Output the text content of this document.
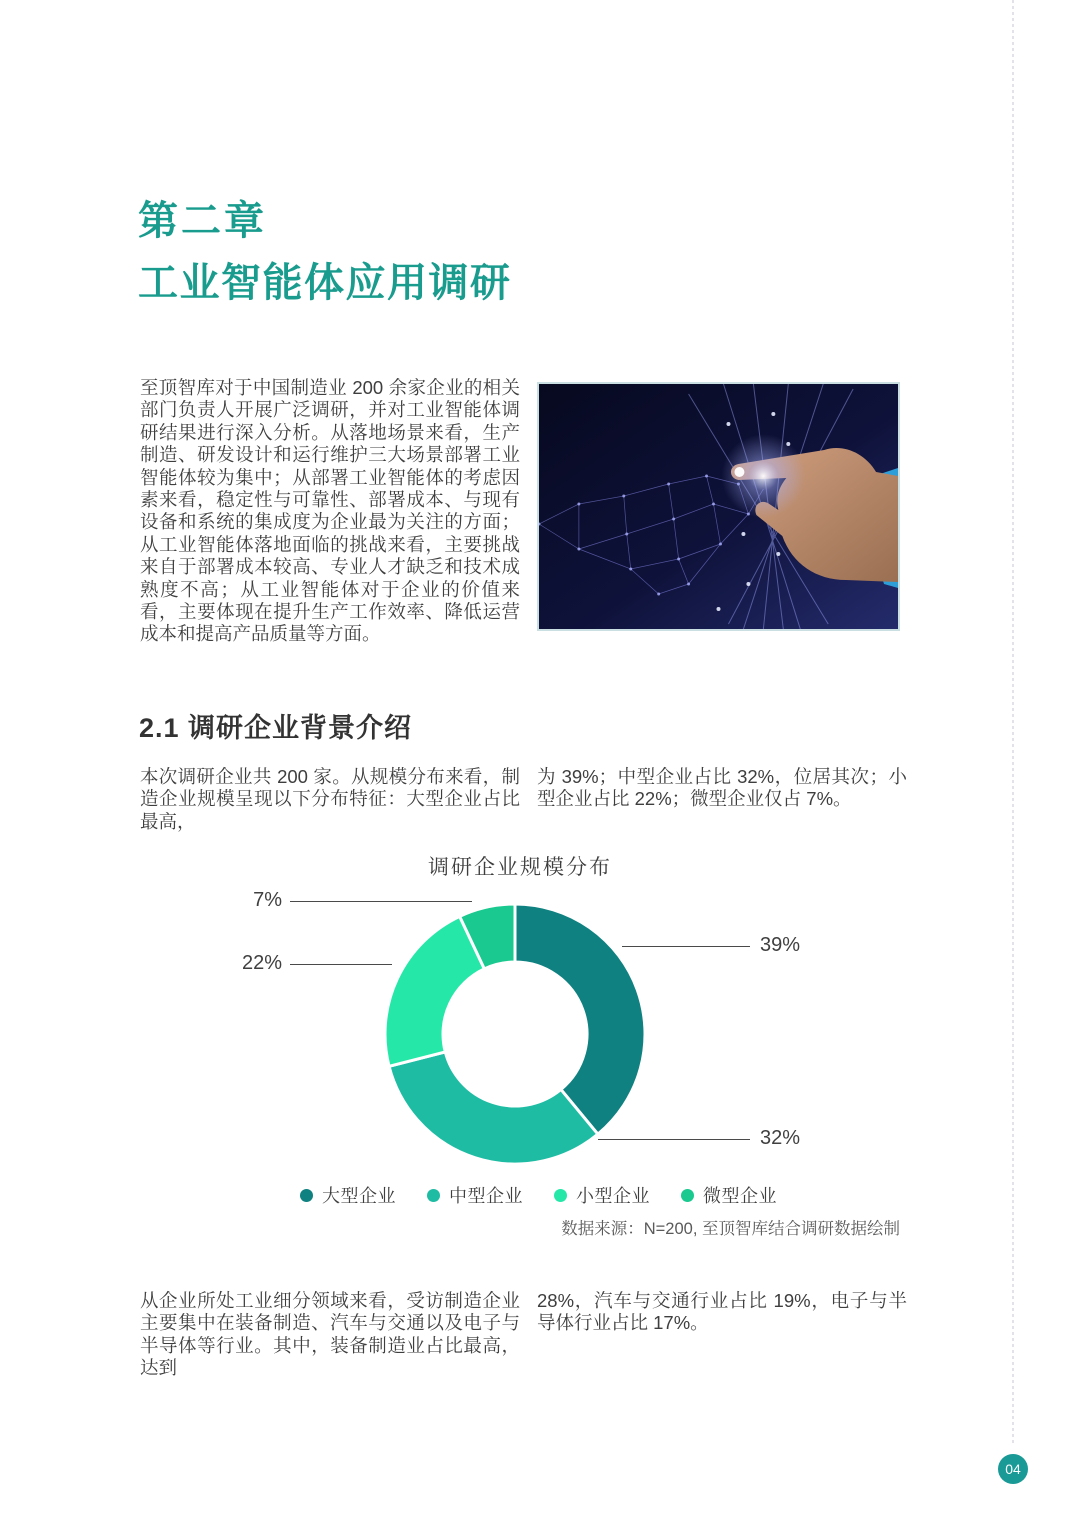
第二章
工业智能体应用调研
至顶智库对于中国制造业 200 余家企业的相关部门负责人开展广泛调研，并对工业智能体调研结果进行深入分析。从落地场景来看，生产制造、研发设计和运行维护三大场景部署工业智能体较为集中；从部署工业智能体的考虑因素来看，稳定性与可靠性、部署成本、与现有设备和系统的集成度为企业最为关注的方面；从工业智能体落地面临的挑战来看，主要挑战来自于部署成本较高、专业人才缺乏和技术成熟度不高；从工业智能体对于企业的价值来看，主要体现在提升生产工作效率、降低运营成本和提高产品质量等方面。
2.1 调研企业背景介绍
本次调研企业共 200 家。从规模分布来看，制造企业规模呈现以下分布特征：大型企业占比最高，
为 39%；中型企业占比 32%，位居其次；小型企业占比 22%；微型企业仅占 7%。
调研企业规模分布
39%
32%
22%
7%
大型企业	中型企业	小型企业	微型企业
数据来源：N=200, 至顶智库结合调研数据绘制
从企业所处工业细分领域来看，受访制造企业主要集中在装备制造、汽车与交通以及电子与半导体等行业。其中，装备制造业占比最高，达到
28%，汽车与交通行业占比 19%，电子与半导体行业占比 17%。
04
